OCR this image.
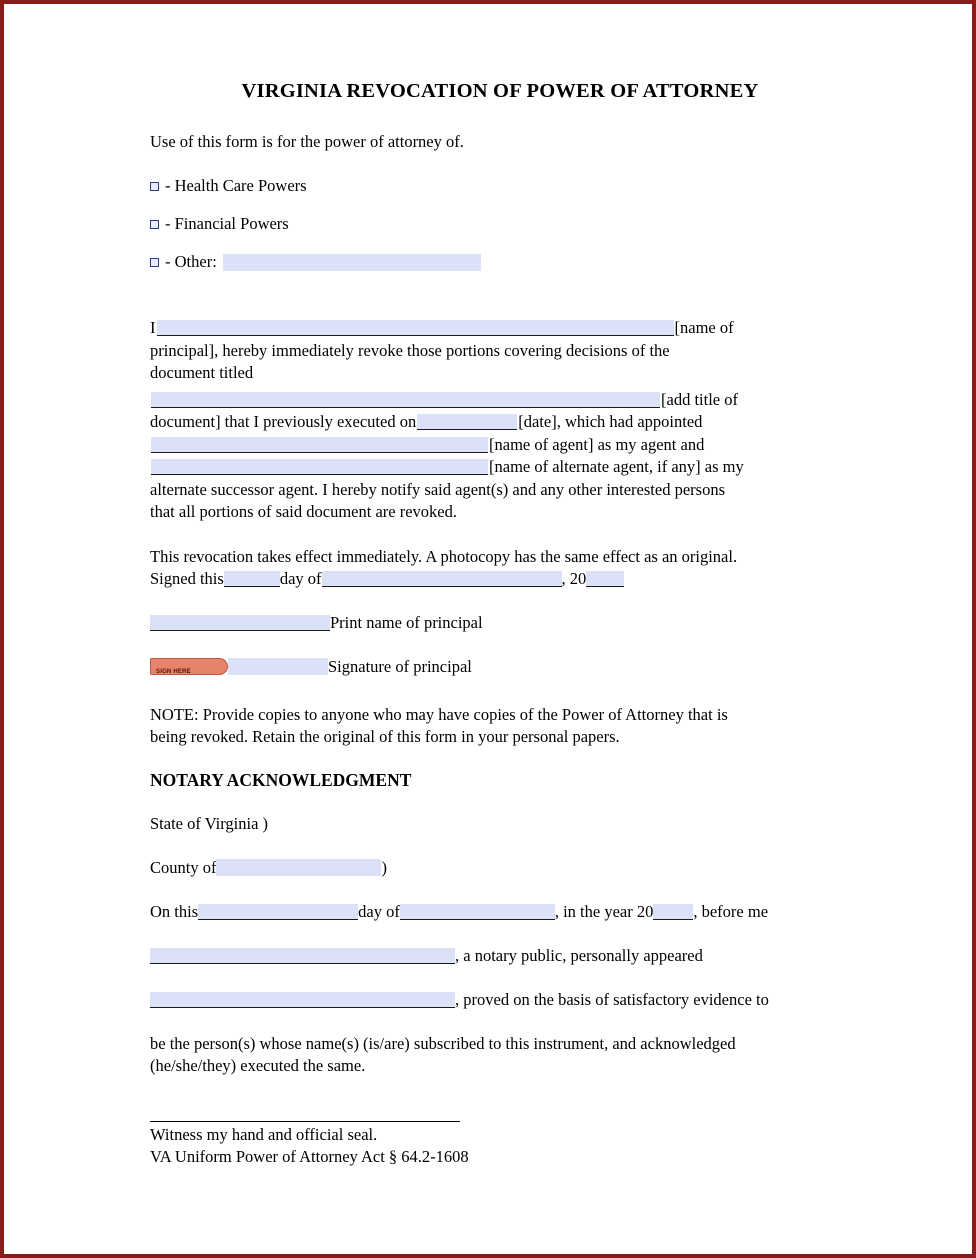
VIRGINIA REVOCATION OF POWER OF ATTORNEY
Use of this form is for the power of attorney of.
- Health Care Powers
- Financial Powers
- Other:
I	[name of
principal], hereby immediately revoke those portions covering decisions of the
document titled
[add title of
document] that I previously executed on	[date], which had appointed
[name of agent] as my agent and
[name of alternate agent, if any] as my
alternate successor agent. I hereby notify said agent(s) and any other interested persons
that all portions of said document are revoked.
This revocation takes effect immediately. A photocopy has the same effect as an original.
Signed this	day of	, 20
Print name of principal
SIGN HERE	Signature of principal
NOTE: Provide copies to anyone who may have copies of the Power of Attorney that is
being revoked. Retain the original of this form in your personal papers.
NOTARY ACKNOWLEDGMENT
State of Virginia )
County of	)
On this	day of	, in the year 20 , before me
, a notary public, personally appeared
, proved on the basis of satisfactory evidence to
be the person(s) whose name(s) (is/are) subscribed to this instrument, and acknowledged
(he/she/they) executed the same.
Witness my hand and official seal.
VA Uniform Power of Attorney Act § 64.2-1608
